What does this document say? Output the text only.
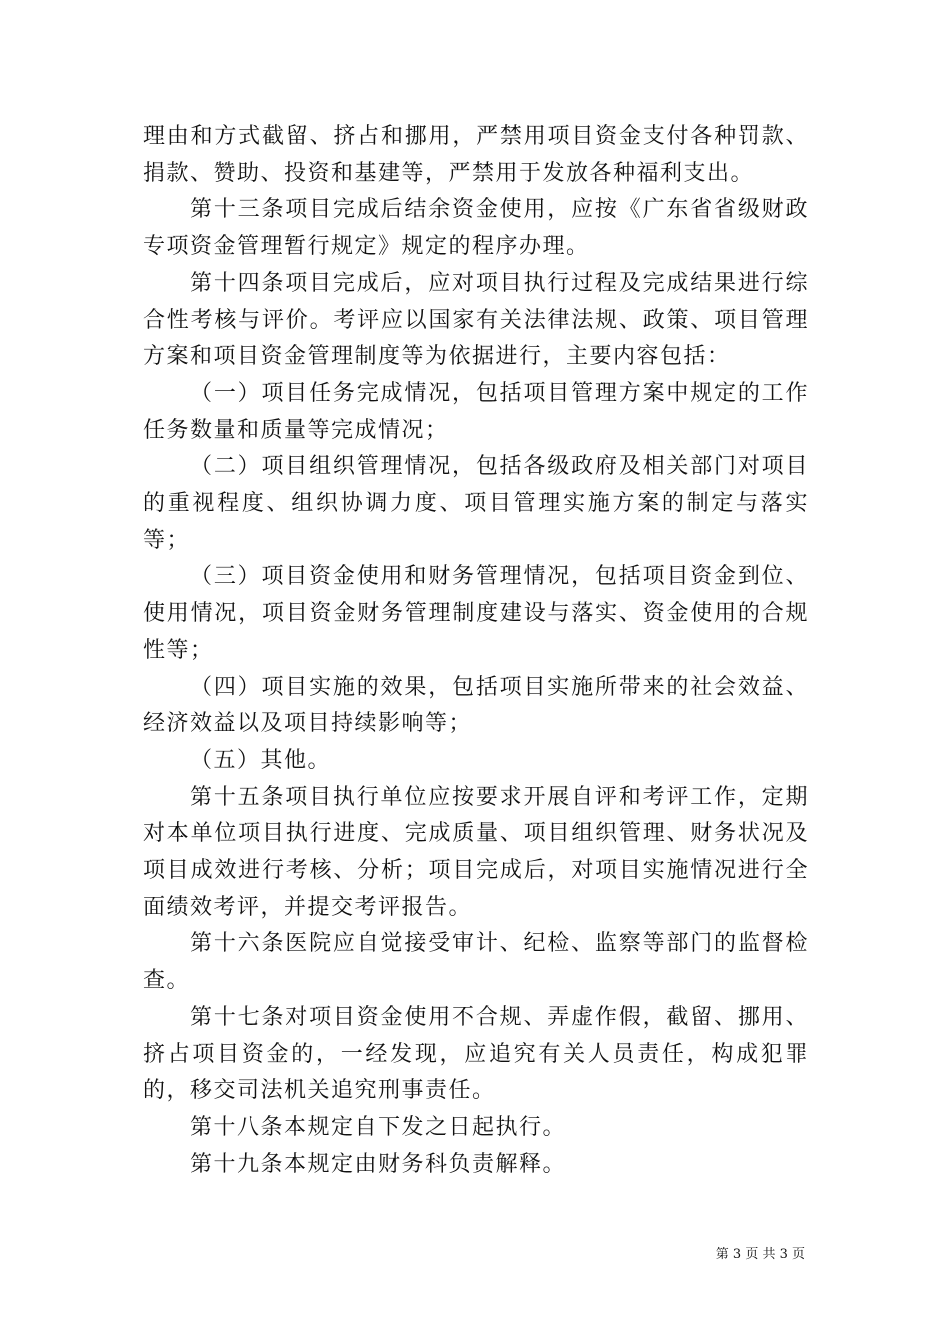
理由和方式截留、挤占和挪用，严禁用项目资金支付各种罚款、捐款、赞助、投资和基建等，严禁用于发放各种福利支出。

第十三条项目完成后结余资金使用，应按《广东省省级财政专项资金管理暂行规定》规定的程序办理。

第十四条项目完成后，应对项目执行过程及完成结果进行综合性考核与评价。考评应以国家有关法律法规、政策、项目管理方案和项目资金管理制度等为依据进行，主要内容包括：

（一）项目任务完成情况，包括项目管理方案中规定的工作任务数量和质量等完成情况；

（二）项目组织管理情况，包括各级政府及相关部门对项目的重视程度、组织协调力度、项目管理实施方案的制定与落实等；

（三）项目资金使用和财务管理情况，包括项目资金到位、使用情况，项目资金财务管理制度建设与落实、资金使用的合规性等；

（四）项目实施的效果，包括项目实施所带来的社会效益、经济效益以及项目持续影响等；

（五）其他。

第十五条项目执行单位应按要求开展自评和考评工作，定期对本单位项目执行进度、完成质量、项目组织管理、财务状况及项目成效进行考核、分析；项目完成后，对项目实施情况进行全面绩效考评，并提交考评报告。

第十六条医院应自觉接受审计、纪检、监察等部门的监督检查。

第十七条对项目资金使用不合规、弄虚作假，截留、挪用、挤占项目资金的，一经发现，应追究有关人员责任，构成犯罪的，移交司法机关追究刑事责任。

第十八条本规定自下发之日起执行。

第十九条本规定由财务科负责解释。

第 3 页 共 3 页
